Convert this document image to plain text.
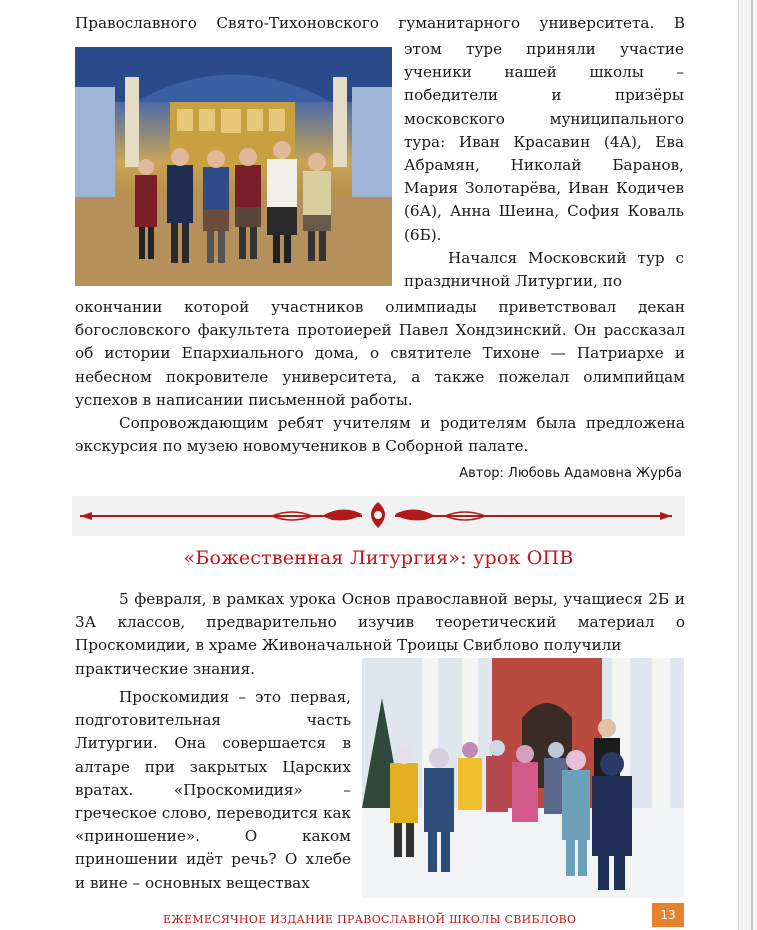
Православного Свято-Тихоновского гуманитарного университета. В

этом туре приняли участие ученики нашей школы – победители и призёры московского муниципального тура: Иван Красавин (4А), Ева Абрамян, Николай Баранов, Мария Золотарёва, Иван Кодичев (6А), Анна Шеина, София Коваль (6Б).

Начался Московский тур с праздничной Литургии, по

окончании которой участников олимпиады приветствовал декан богословского факультета протоиерей Павел Хондзинский. Он рассказал об истории Епархиального дома, о святителе Тихоне — Патриархе и небесном покровителе университета, а также пожелал олимпийцам успехов в написании письменной работы.

Сопровождающим ребят учителям и родителям была предложена экскурсия по музею новомучеников в Соборной палате.

Автор: Любовь Адамовна Журба
«Божественная Литургия»: урок ОПВ

5 февраля, в рамках урока Основ православной веры, учащиеся 2Б и 3А классов, предварительно изучив теоретический материал о Проскомидии, в храме Живоначальной Троицы Свиблово получили

практические знания.

Проскомидия – это первая, подготовительная часть Литургии. Она совершается в алтаре при закрытых Царских вратах. «Проскомидия» – греческое слово, переводится как «приношение». О каком приношении идёт речь? О хлебе и вине – основных веществах

ЕЖЕМЕСЯЧНОЕ ИЗДАНИЕ ПРАВОСЛАВНОЙ ШКОЛЫ СВИБЛОВО	13
